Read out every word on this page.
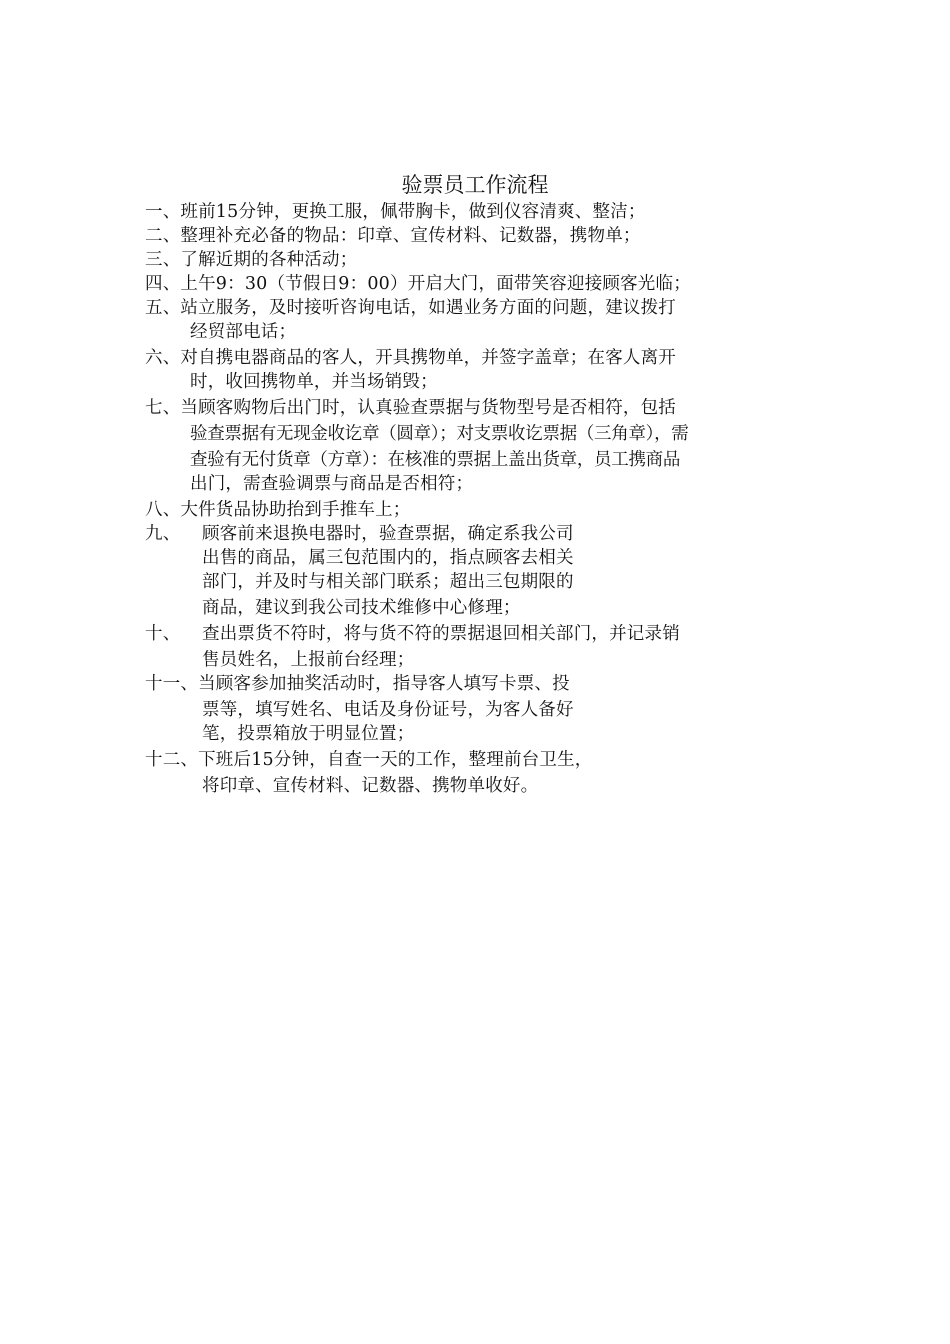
验票员工作流程
一、班前15分钟，更换工服，佩带胸卡，做到仪容清爽、整洁；
二、整理补充必备的物品：印章、宣传材料、记数器，携物单；
三、了解近期的各种活动；
四、上午9：30（节假日9：00）开启大门，面带笑容迎接顾客光临；
五、站立服务，及时接听咨询电话，如遇业务方面的问题，建议拨打
经贸部电话；
六、对自携电器商品的客人，开具携物单，并签字盖章；在客人离开
时，收回携物单，并当场销毁；
七、当顾客购物后出门时，认真验查票据与货物型号是否相符，包括
验查票据有无现金收讫章（圆章）；对支票收讫票据（三角章），需
查验有无付货章（方章）：在核准的票据上盖出货章，员工携商品
出门，需查验调票与商品是否相符；
八、大件货品协助抬到手推车上；
九、 顾客前来退换电器时，验查票据，确定系我公司
出售的商品，属三包范围内的，指点顾客去相关
部门，并及时与相关部门联系；超出三包期限的
商品，建议到我公司技术维修中心修理；
十、 查出票货不符时，将与货不符的票据退回相关部门，并记录销
售员姓名，上报前台经理；
十一、当顾客参加抽奖活动时，指导客人填写卡票、投
票等，填写姓名、电话及身份证号，为客人备好
笔，投票箱放于明显位置；
十二、下班后15分钟，自查一天的工作，整理前台卫生，
将印章、宣传材料、记数器、携物单收好。
